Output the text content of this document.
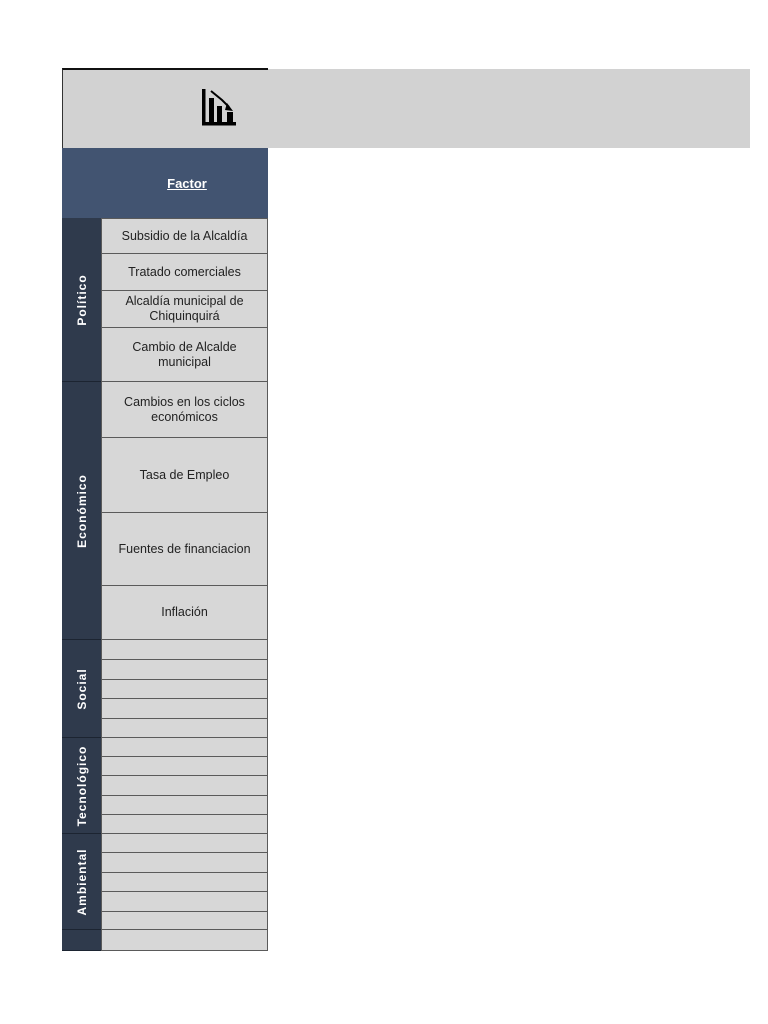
Factor
Político
Económico
Social
Tecnológico
Ambiental
Subsidio de la Alcaldía
Tratado comerciales
Alcaldía municipal de Chiquinquirá
Cambio de Alcalde municipal
Cambios en los ciclos económicos
Tasa de Empleo
Fuentes de financiacion
Inflación
